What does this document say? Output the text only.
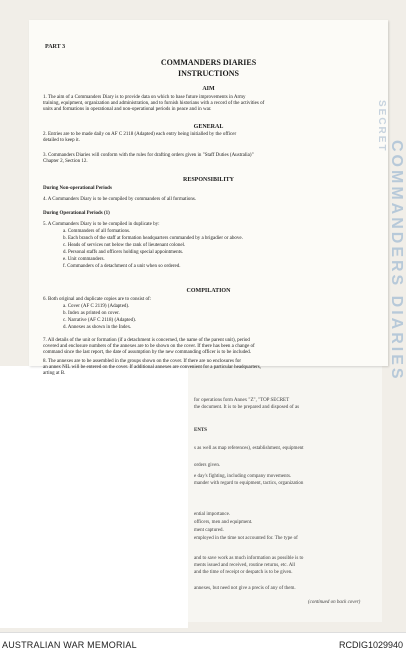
for operations form Annex "Z", "TOP SECRET
the document. It is to be prepared and disposed of as
ENTS
s as well as map references), establishment, equipment
orders given.
e day's fighting, including company movements.
mander with regard to equipment, tactics, organization
ential importance.
officers, men and equipment.
ment captured.
employed in the time not accounted for. The type of
and to save work as much information as possible is to
ments issued and received, routine returns, etc. All
and the time of receipt or despatch is to be given.
annexes, but need not give a precis of any of them.
(continued on back cover)
COMMANDERS DIARIES
SECRET
PART 3
COMMANDERS DIARIES
INSTRUCTIONS
AIM
1. The aim of a Commanders Diary is to provide data on which to base future improvements in Army
training, equipment, organization and administration, and to furnish historians with a record of the activities of
units and formations in operational and non-operational periods in peace and in war.
GENERAL
2. Entries are to be made daily on AF C 2118 (Adapted) each entry being initialled by the officer
detailed to keep it.
3. Commanders Diaries will conform with the rules for drafting orders given in "Staff Duties (Australia)"
Chapter 2, Section 12.
RESPONSIBILITY
During Non-operational Periods
4. A Commanders Diary is to be compiled by commanders of all formations.
During Operational Periods (1)
5. A Commanders Diary is to be compiled in duplicate by:
a. Commanders of all formations.
b. Each branch of the staff at formation headquarters commanded by a brigadier or above.
c. Heads of services not below the rank of lieutenant colonel.
d. Personal staffs and officers holding special appointments.
e. Unit commanders.
f. Commanders of a detachment of a unit when so ordered.
COMPILATION
6. Both original and duplicate copies are to consist of:
a. Cover (AF C 2119) (Adapted).
b. Index as printed on cover.
c. Narrative (AF C 2118) (Adapted).
d. Annexes as shown in the Index.
7. All details of the unit or formation (if a detachment is concerned, the name of the parent unit), period
covered and enclosure numbers of the annexes are to be shown on the cover. If there has been a change of
command since the last report, the date of assumption by the new commanding officer is to be included.
8. The annexes are to be assembled in the groups shown on the cover. If there are no enclosures for
an annex NIL will be entered on the cover. If additional annexes are convenient for a particular headquarters,
arting at B.
AUSTRALIAN WAR MEMORIAL	RCDIG1029940
